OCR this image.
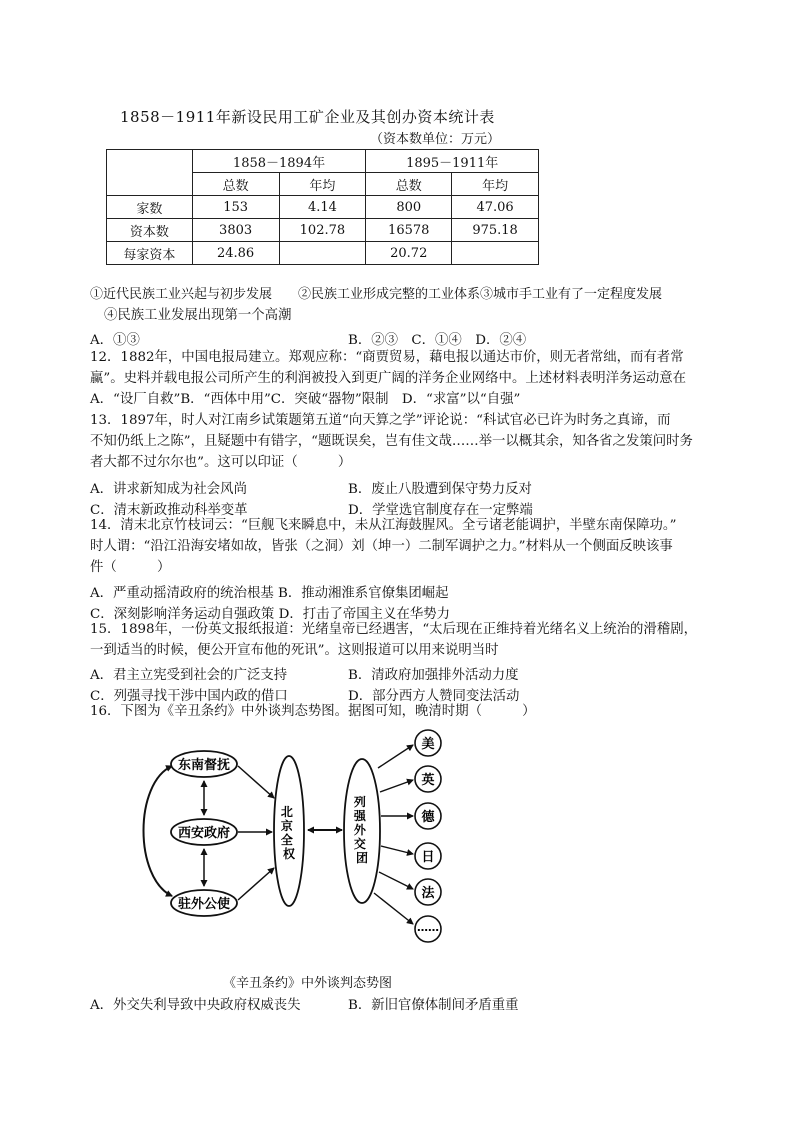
1858－1911年新设民用工矿企业及其创办资本统计表
（资本数单位：万元）
	1858－1894年		1895－1911年	
	总数	年均	总数	年均
家数	153	4.14	800	47.06
资本数	3803	102.78	16578	975.18
每家资本	24.86		20.72	
①近代民族工业兴起与初步发展　　②民族工业形成完整的工业体系③城市手工业有了一定程度发展
④民族工业发展出现第一个高潮
A．①③	B．②③　C．①④　D．②④
12．1882年，中国电报局建立。郑观应称：“商贾贸易，藉电报以通达市价，则无者常绌，而有者常
赢”。史料并载电报公司所产生的利润被投入到更广阔的洋务企业网络中。上述材料表明洋务运动意在
A．“设厂自救”B．“西体中用”C．突破“器物”限制　D．“求富”以“自强”
13．1897年，时人对江南乡试策题第五道“向天算之学”评论说：“科试官必已许为时务之真谛，而
不知仍纸上之陈”，且疑题中有错字，“题既误矣，岂有佳文哉……举一以概其余，知各省之发策问时务
者大都不过尔尔也”。这可以印证（　　　）
A．讲求新知成为社会风尚	B．废止八股遭到保守势力反对
C．清末新政推动科举变革	D．学堂选官制度存在一定弊端
14．清末北京竹枝词云：“巨舰飞来瞬息中，未从江海鼓腥风。全亏诸老能调护，半壁东南保障功。”
时人谓：“沿江沿海安堵如故，皆张（之洞）刘（坤一）二制军调护之力。”材料从一个侧面反映该事
件（　　　）
A．严重动摇清政府的统治根基 B．推动湘淮系官僚集团崛起
C．深刻影响洋务运动自强政策 D．打击了帝国主义在华势力
15．1898年，一份英文报纸报道：光绪皇帝已经遇害，“太后现在正维持着光绪名义上统治的滑稽剧，
一到适当的时候，便公开宣布他的死讯”。这则报道可以用来说明当时
A．君主立宪受到社会的广泛支持	B．清政府加强排外活动力度
C．列强寻找干涉中国内政的借口	D．部分西方人赞同变法活动
16．下图为《辛丑条约》中外谈判态势图。据图可知，晚清时期（　　　）
东南督抚
西安政府
驻外公使
北 京 全 权
列 强 外 交 团
美
英
德
日
法
……
《辛丑条约》中外谈判态势图
A．外交失利导致中央政府权威丧失	B．新旧官僚体制间矛盾重重
